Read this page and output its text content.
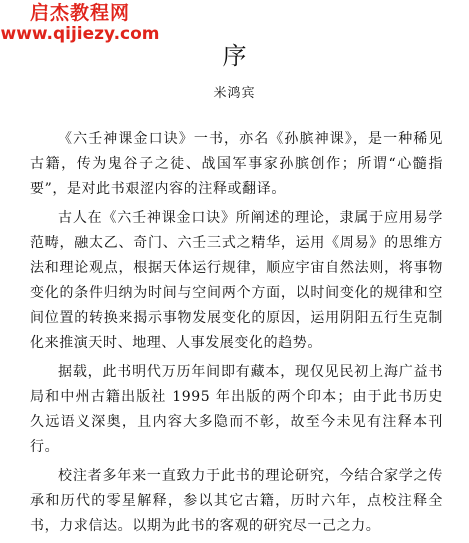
启杰教程网
www.qijiezy.com
序
米鸿宾

《六壬神课金口诀》一书，亦名《孙膑神课》，是一种稀见古籍，传为鬼谷子之徒、战国军事家孙膑创作；所谓“心髓指要”，是对此书艰涩内容的注释或翻译。

古人在《六壬神课金口诀》所阐述的理论，隶属于应用易学范畴，融太乙、奇门、六壬三式之精华，运用《周易》的思维方法和理论观点，根据天体运行规律，顺应宇宙自然法则，将事物变化的条件归纳为时间与空间两个方面，以时间变化的规律和空间位置的转换来揭示事物发展变化的原因，运用阴阳五行生克制化来推演天时、地理、人事发展变化的趋势。

据载，此书明代万历年间即有藏本，现仅见民初上海广益书局和中州古籍出版社 1995 年出版的两个印本；由于此书历史久远语义深奥，且内容大多隐而不彰，故至今未见有注释本刊行。

校注者多年来一直致力于此书的理论研究，今结合家学之传承和历代的零星解释，参以其它古籍，历时六年，点校注释全书，力求信达。以期为此书的客观的研究尽一己之力。
